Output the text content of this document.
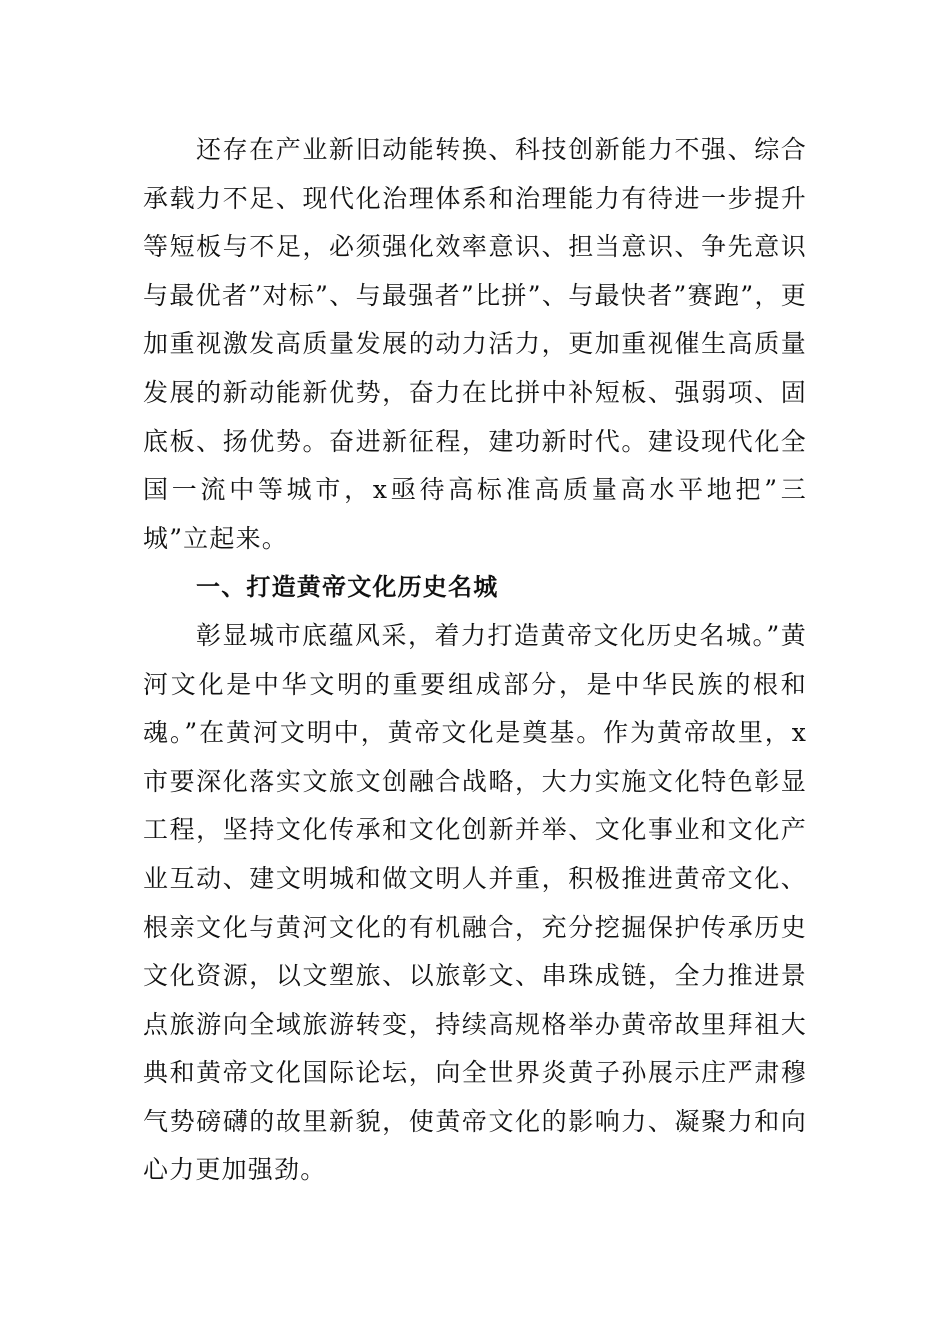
还存在产业新旧动能转换、科技创新能力不强、综合承载力不足、现代化治理体系和治理能力有待进一步提升等短板与不足，必须强化效率意识、担当意识、争先意识与最优者”对标”、与最强者”比拼”、与最快者”赛跑”，更加重视激发高质量发展的动力活力，更加重视催生高质量发展的新动能新优势，奋力在比拼中补短板、强弱项、固底板、扬优势。奋进新征程，建功新时代。建设现代化全国一流中等城市，x亟待高标准高质量高水平地把”三城”立起来。

一、打造黄帝文化历史名城

彰显城市底蕴风采，着力打造黄帝文化历史名城。”黄河文化是中华文明的重要组成部分，是中华民族的根和魂。”在黄河文明中，黄帝文化是奠基。作为黄帝故里，x市要深化落实文旅文创融合战略，大力实施文化特色彰显工程，坚持文化传承和文化创新并举、文化事业和文化产业互动、建文明城和做文明人并重，积极推进黄帝文化、根亲文化与黄河文化的有机融合，充分挖掘保护传承历史文化资源，以文塑旅、以旅彰文、串珠成链，全力推进景点旅游向全域旅游转变，持续高规格举办黄帝故里拜祖大典和黄帝文化国际论坛，向全世界炎黄子孙展示庄严肃穆气势磅礴的故里新貌，使黄帝文化的影响力、凝聚力和向心力更加强劲。
